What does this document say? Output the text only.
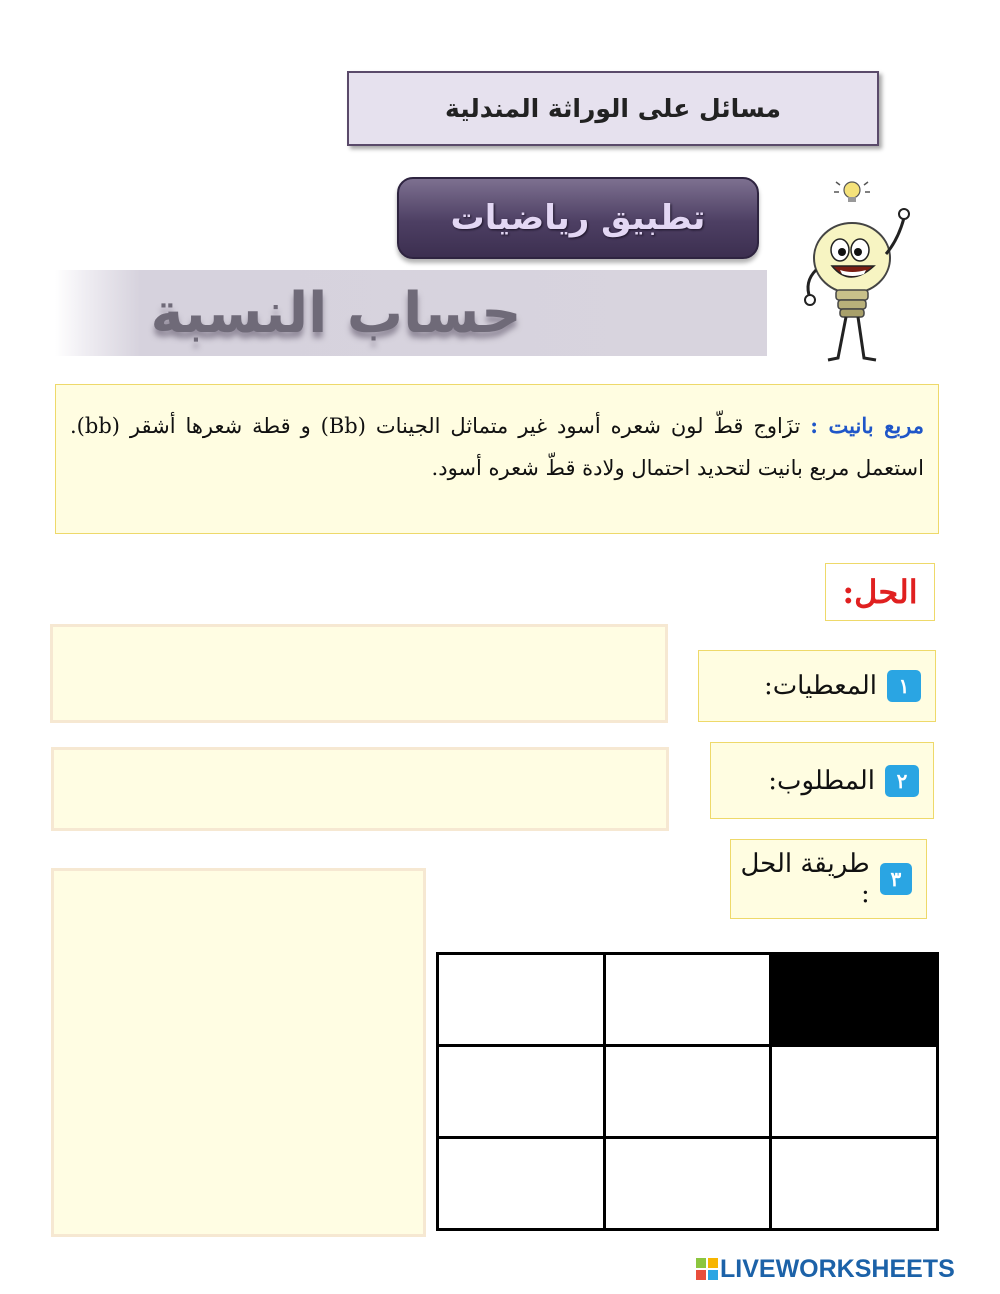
مسائل على الوراثة المندلية
تطبيق رياضيات
حساب النسبة
مربع بانيت : تزَاوج قطّ لون شعره أسود غير متماثل الجينات (Bb) و قطة شعرها أشقر (bb). استعمل مربع بانيت لتحديد احتمال ولادة قطّ شعره أسود.
الحل:
١
المعطيات:
٢
المطلوب:
٣
طريقة الحل :

LIVEWORKSHEETS
